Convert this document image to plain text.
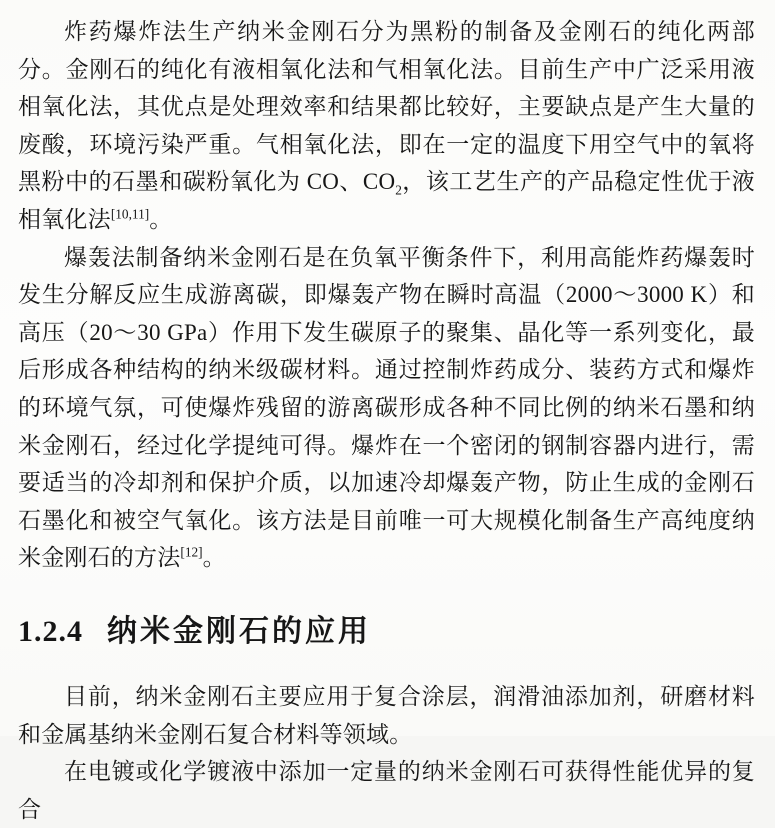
炸药爆炸法生产纳米金刚石分为黑粉的制备及金刚石的纯化两部分。金刚石的纯化有液相氧化法和气相氧化法。目前生产中广泛采用液相氧化法，其优点是处理效率和结果都比较好，主要缺点是产生大量的废酸，环境污染严重。气相氧化法，即在一定的温度下用空气中的氧将黑粉中的石墨和碳粉氧化为 CO、$CO_2$，该工艺生产的产品稳定性优于液相氧化法[10,11]。

爆轰法制备纳米金刚石是在负氧平衡条件下，利用高能炸药爆轰时发生分解反应生成游离碳，即爆轰产物在瞬时高温（2000～3000 K）和高压（20～30 GPa）作用下发生碳原子的聚集、晶化等一系列变化，最后形成各种结构的纳米级碳材料。通过控制炸药成分、装药方式和爆炸的环境气氛，可使爆炸残留的游离碳形成各种不同比例的纳米石墨和纳米金刚石，经过化学提纯可得。爆炸在一个密闭的钢制容器内进行，需要适当的冷却剂和保护介质，以加速冷却爆轰产物，防止生成的金刚石石墨化和被空气氧化。该方法是目前唯一可大规模化制备生产高纯度纳米金刚石的方法[12]。

1.2.4 纳米金刚石的应用

目前，纳米金刚石主要应用于复合涂层，润滑油添加剂，研磨材料和金属基纳米金刚石复合材料等领域。

在电镀或化学镀液中添加一定量的纳米金刚石可获得性能优异的复合
